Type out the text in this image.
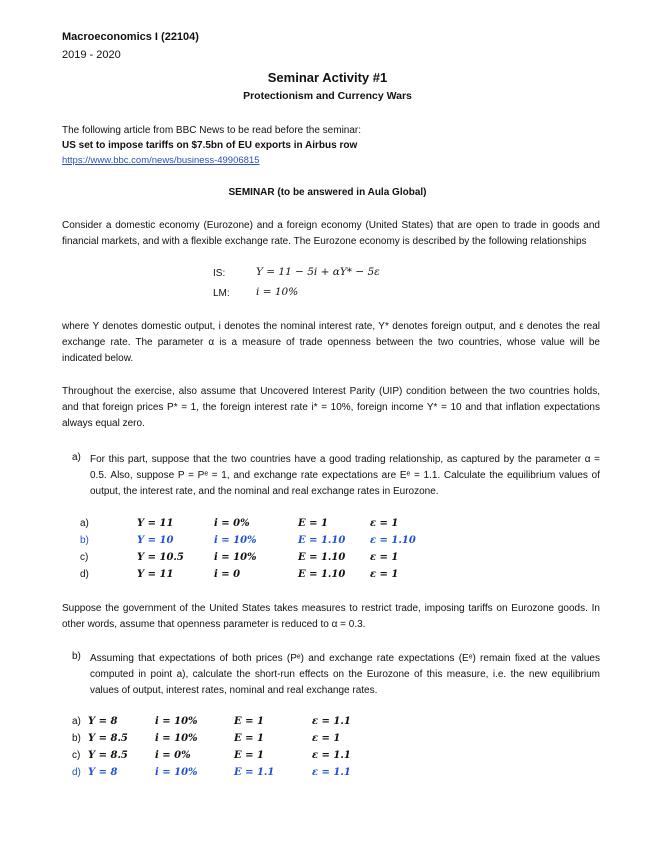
Macroeconomics I (22104)
2019 - 2020
Seminar Activity #1
Protectionism and Currency Wars
The following article from BBC News to be read before the seminar:
US set to impose tariffs on $7.5bn of EU exports in Airbus row
https://www.bbc.com/news/business-49906815
SEMINAR (to be answered in Aula Global)
Consider a domestic economy (Eurozone) and a foreign economy (United States) that are open to trade in goods and financial markets, and with a flexible exchange rate. The Eurozone economy is described by the following relationships
IS:	Y = 11 − 5i + αY* − 5ε
LM:	i = 10%
where Y denotes domestic output, i denotes the nominal interest rate, Y* denotes foreign output, and ε denotes the real exchange rate. The parameter α is a measure of trade openness between the two countries, whose value will be indicated below.
Throughout the exercise, also assume that Uncovered Interest Parity (UIP) condition between the two countries holds, and that foreign prices P* = 1, the foreign interest rate i* = 10%, foreign income Y* = 10 and that inflation expectations always equal zero.
a) For this part, suppose that the two countries have a good trading relationship, as captured by the parameter α = 0.5. Also, suppose P = Pᵉ = 1, and exchange rate expectations are Eᵉ = 1.1. Calculate the equilibrium values of output, the interest rate, and the nominal and real exchange rates in Eurozone.
a)	Y = 11	i = 0%	E = 1	ε = 1
b)	Y = 10	i = 10%	E = 1.10 ε = 1.10
c)	Y = 10.5	i = 10%	E = 1.10 ε = 1
d)	Y = 11	i = 0	E = 1.10 ε = 1
Suppose the government of the United States takes measures to restrict trade, imposing tariffs on Eurozone goods. In other words, assume that openness parameter is reduced to α = 0.3.
b) Assuming that expectations of both prices (Pᵉ) and exchange rate expectations (Eᵉ) remain fixed at the values computed in point a), calculate the short-run effects on the Eurozone of this measure, i.e. the new equilibrium values of output, interest rates, nominal and real exchange rates.
a) Y = 8	i = 10%	E = 1	ε = 1.1
b) Y = 8.5	i = 10%	E = 1	ε = 1
c) Y = 8.5	i = 0%	E = 1	ε = 1.1
d) Y = 8	i = 10%	E = 1.1	ε = 1.1
